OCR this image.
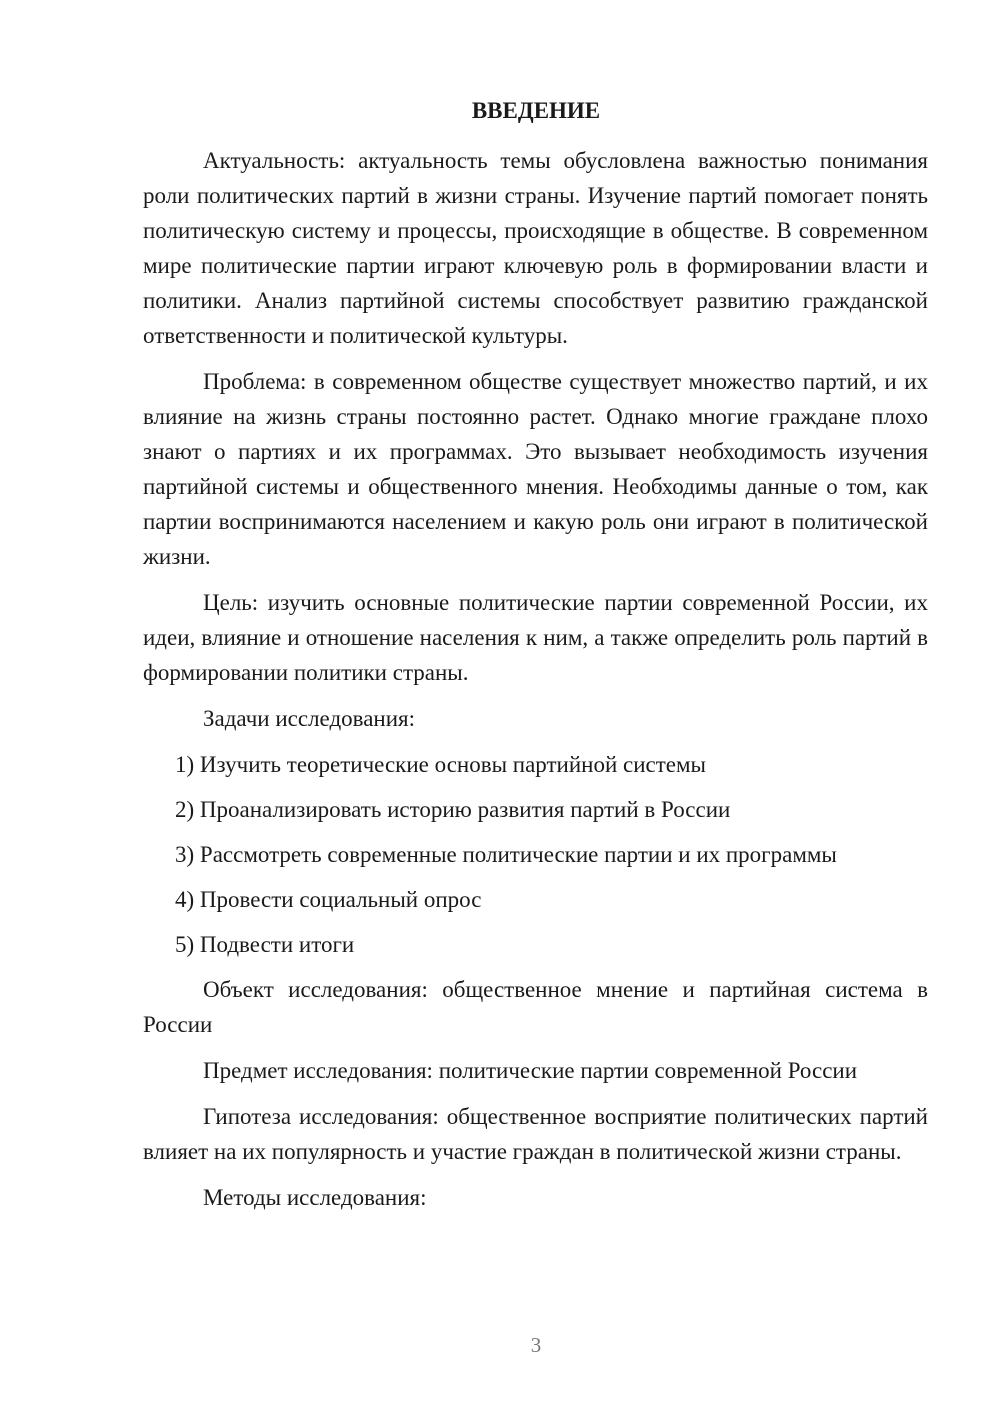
ВВЕДЕНИЕ

Актуальность: актуальность темы обусловлена важностью понимания роли политических партий в жизни страны. Изучение партий помогает понять политическую систему и процессы, происходящие в обществе. В современном мире политические партии играют ключевую роль в формировании власти и политики. Анализ партийной системы способствует развитию гражданской ответственности и политической культуры.

Проблема: в современном обществе существует множество партий, и их влияние на жизнь страны постоянно растет. Однако многие граждане плохо знают о партиях и их программах. Это вызывает необходимость изучения партийной системы и общественного мнения. Необходимы данные о том, как партии воспринимаются населением и какую роль они играют в политической жизни.

Цель: изучить основные политические партии современной России, их идеи, влияние и отношение населения к ним, а также определить роль партий в формировании политики страны.

Задачи исследования:

1) Изучить теоретические основы партийной системы

2) Проанализировать историю развития партий в России

3) Рассмотреть современные политические партии и их программы

4) Провести социальный опрос

5) Подвести итоги

Объект исследования: общественное мнение и партийная система в России

Предмет исследования: политические партии современной России

Гипотеза исследования: общественное восприятие политических партий влияет на их популярность и участие граждан в политической жизни страны.

Методы исследования:

3
